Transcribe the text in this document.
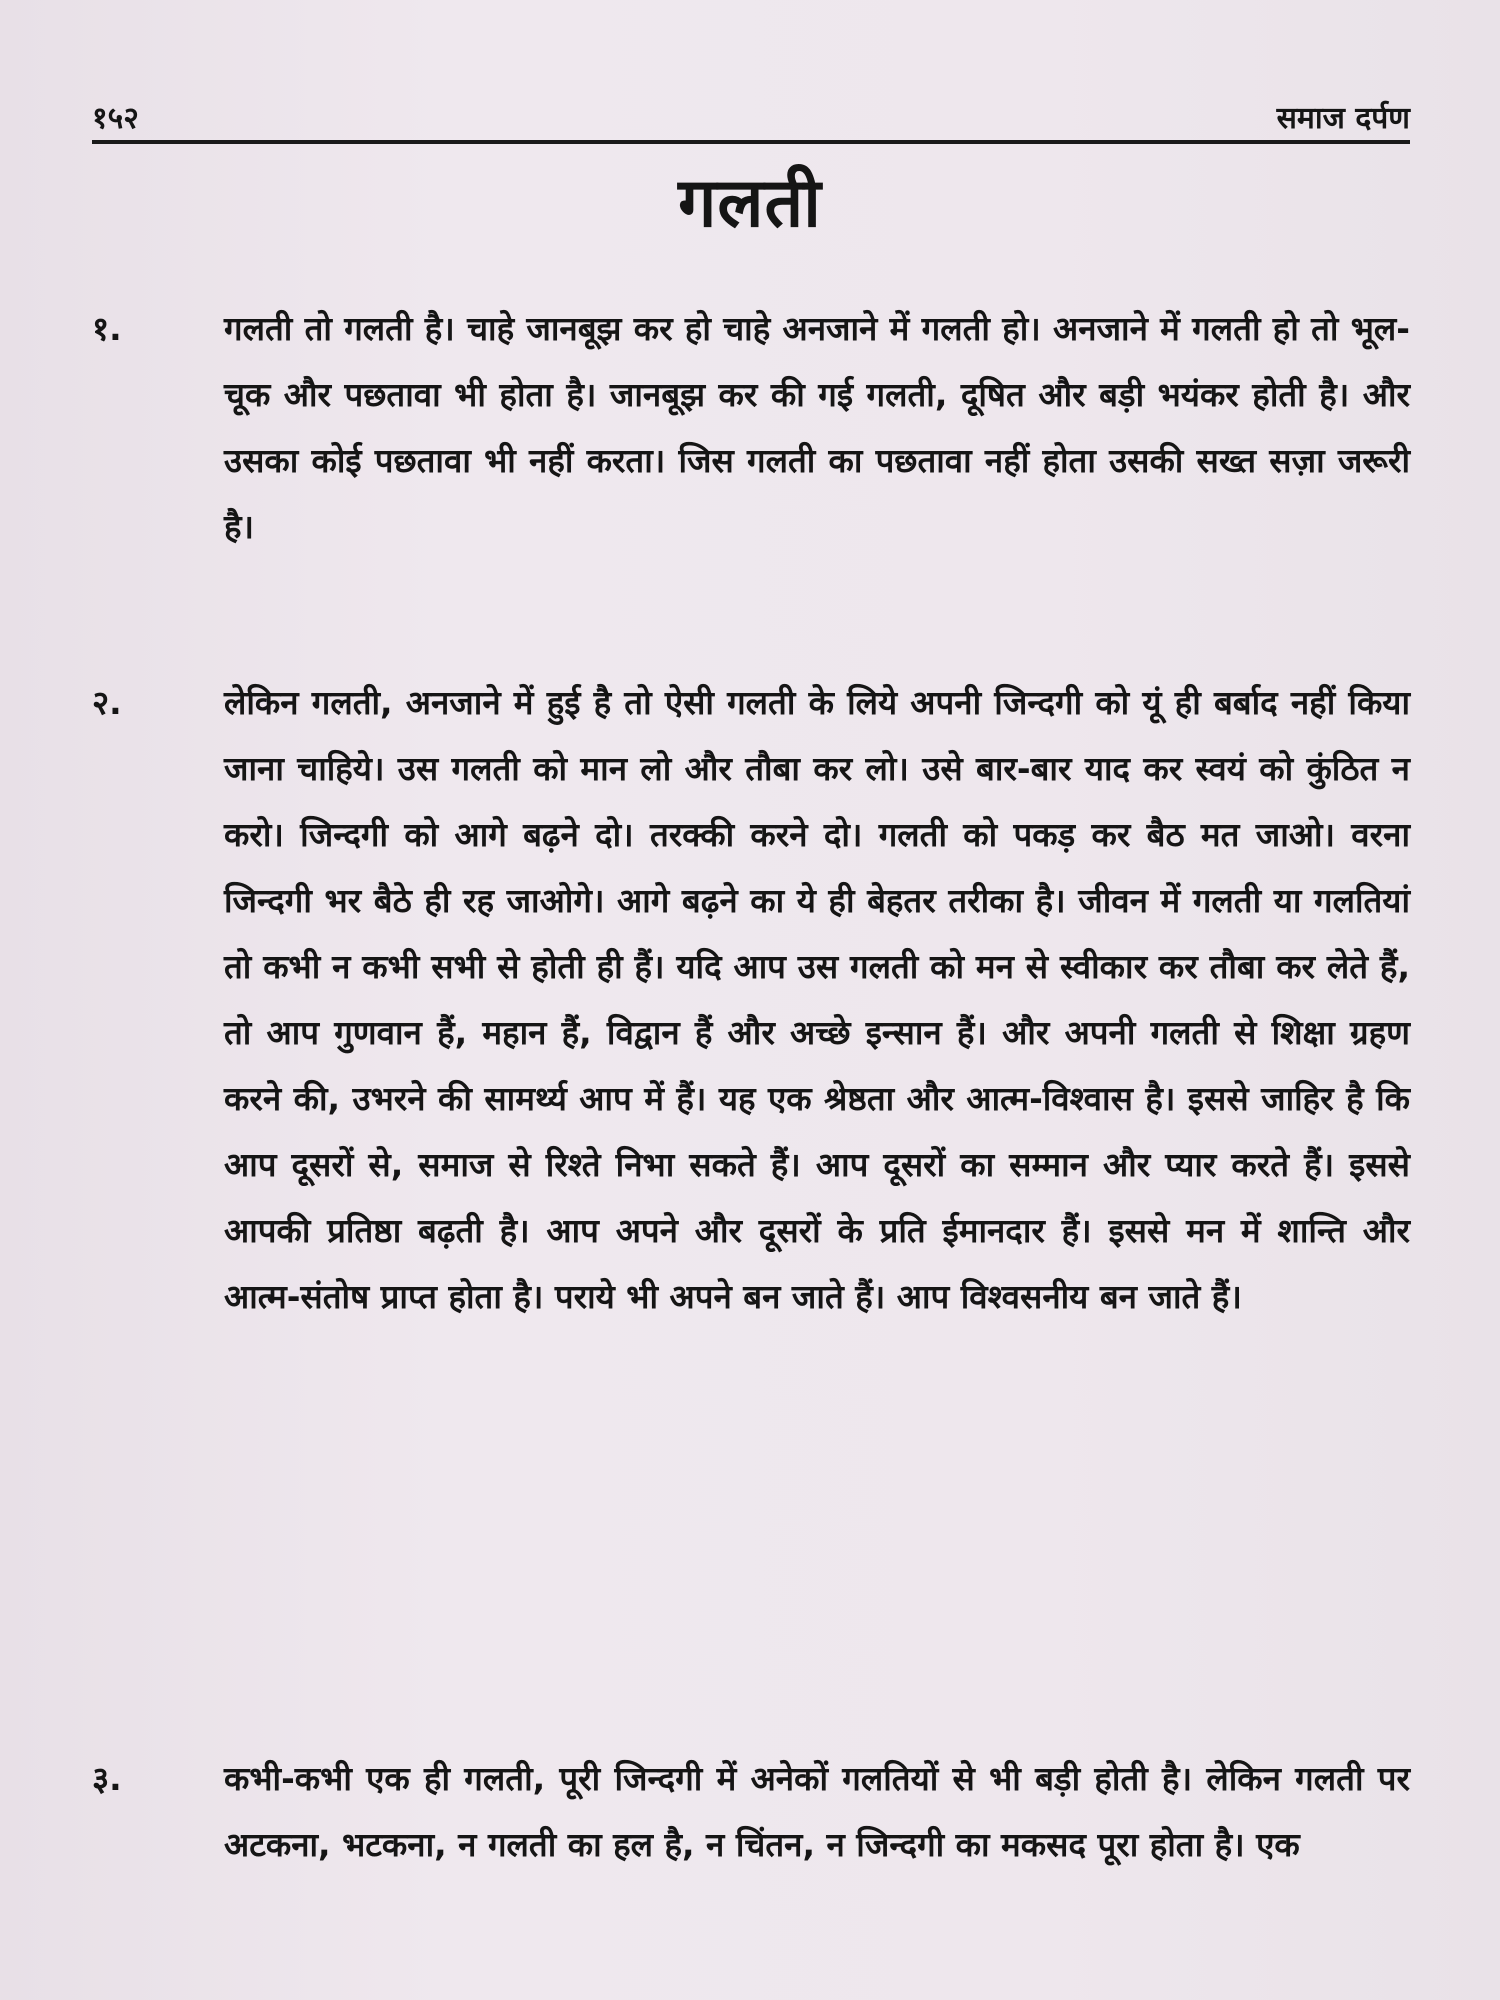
१५२	समाज दर्पण
गलती
१.	गलती तो गलती है। चाहे जानबूझ कर हो चाहे अनजाने में गलती हो। अनजाने में गलती हो तो भूल-चूक और पछतावा भी होता है। जानबूझ कर की गई गलती, दूषित और बड़ी भयंकर होती है। और उसका कोई पछतावा भी नहीं करता। जिस गलती का पछतावा नहीं होता उसकी सख्त सज़ा जरूरी है।
२.	लेकिन गलती, अनजाने में हुई है तो ऐसी गलती के लिये अपनी जिन्दगी को यूं ही बर्बाद नहीं किया जाना चाहिये। उस गलती को मान लो और तौबा कर लो। उसे बार-बार याद कर स्वयं को कुंठित न करो। जिन्दगी को आगे बढ़ने दो। तरक्की करने दो। गलती को पकड़ कर बैठ मत जाओ। वरना जिन्दगी भर बैठे ही रह जाओगे। आगे बढ़ने का ये ही बेहतर तरीका है। जीवन में गलती या गलतियां तो कभी न कभी सभी से होती ही हैं। यदि आप उस गलती को मन से स्वीकार कर तौबा कर लेते हैं, तो आप गुणवान हैं, महान हैं, विद्वान हैं और अच्छे इन्सान हैं। और अपनी गलती से शिक्षा ग्रहण करने की, उभरने की सामर्थ्य आप में हैं। यह एक श्रेष्ठता और आत्म-विश्वास है। इससे जाहिर है कि आप दूसरों से, समाज से रिश्ते निभा सकते हैं। आप दूसरों का सम्मान और प्यार करते हैं। इससे आपकी प्रतिष्ठा बढ़ती है। आप अपने और दूसरों के प्रति ईमानदार हैं। इससे मन में शान्ति और आत्म-संतोष प्राप्त होता है। पराये भी अपने बन जाते हैं। आप विश्वसनीय बन जाते हैं।
३.	कभी-कभी एक ही गलती, पूरी जिन्दगी में अनेकों गलतियों से भी बड़ी होती है। लेकिन गलती पर अटकना, भटकना, न गलती का हल है, न चिंतन, न जिन्दगी का मकसद पूरा होता है। एक
